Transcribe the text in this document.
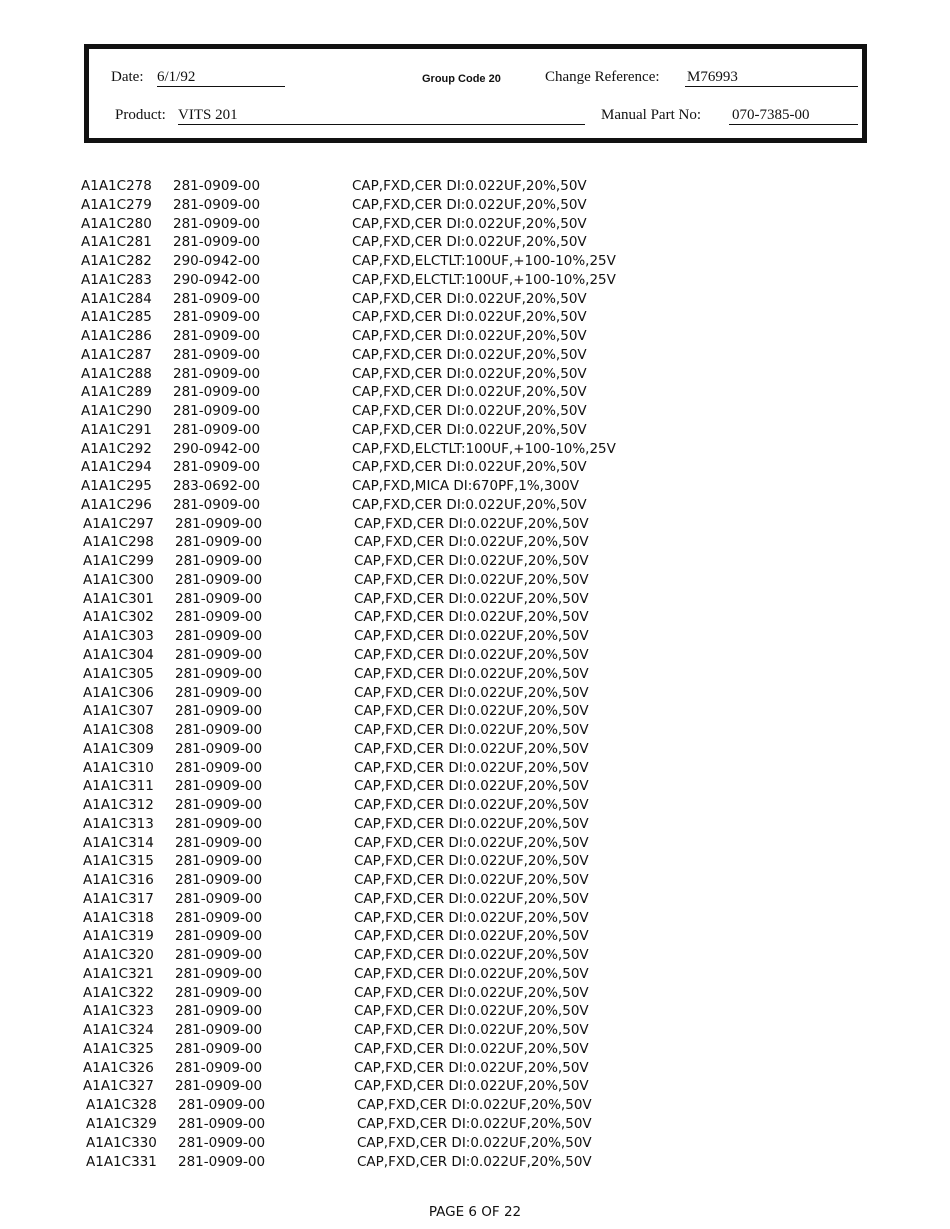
Date: 6/1/92	Group Code 20	Change Reference: M76993
Product: VITS 201	Manual Part No: 070-7385-00
A1A1C278 281-0909-00	CAP,FXD,CER DI:0.022UF,20%,50V
A1A1C279 281-0909-00	CAP,FXD,CER DI:0.022UF,20%,50V
A1A1C280 281-0909-00	CAP,FXD,CER DI:0.022UF,20%,50V
A1A1C281 281-0909-00	CAP,FXD,CER DI:0.022UF,20%,50V
A1A1C282 290-0942-00	CAP,FXD,ELCTLT:100UF,+100-10%,25V
A1A1C283 290-0942-00	CAP,FXD,ELCTLT:100UF,+100-10%,25V
A1A1C284 281-0909-00	CAP,FXD,CER DI:0.022UF,20%,50V
A1A1C285 281-0909-00	CAP,FXD,CER DI:0.022UF,20%,50V
A1A1C286 281-0909-00	CAP,FXD,CER DI:0.022UF,20%,50V
A1A1C287 281-0909-00	CAP,FXD,CER DI:0.022UF,20%,50V
A1A1C288 281-0909-00	CAP,FXD,CER DI:0.022UF,20%,50V
A1A1C289 281-0909-00	CAP,FXD,CER DI:0.022UF,20%,50V
A1A1C290 281-0909-00	CAP,FXD,CER DI:0.022UF,20%,50V
A1A1C291 281-0909-00	CAP,FXD,CER DI:0.022UF,20%,50V
A1A1C292 290-0942-00	CAP,FXD,ELCTLT:100UF,+100-10%,25V
A1A1C294 281-0909-00	CAP,FXD,CER DI:0.022UF,20%,50V
A1A1C295 283-0692-00	CAP,FXD,MICA DI:670PF,1%,300V
A1A1C296 281-0909-00	CAP,FXD,CER DI:0.022UF,20%,50V
A1A1C297 281-0909-00	CAP,FXD,CER DI:0.022UF,20%,50V
A1A1C298 281-0909-00	CAP,FXD,CER DI:0.022UF,20%,50V
A1A1C299 281-0909-00	CAP,FXD,CER DI:0.022UF,20%,50V
A1A1C300 281-0909-00	CAP,FXD,CER DI:0.022UF,20%,50V
A1A1C301 281-0909-00	CAP,FXD,CER DI:0.022UF,20%,50V
A1A1C302 281-0909-00	CAP,FXD,CER DI:0.022UF,20%,50V
A1A1C303 281-0909-00	CAP,FXD,CER DI:0.022UF,20%,50V
A1A1C304 281-0909-00	CAP,FXD,CER DI:0.022UF,20%,50V
A1A1C305 281-0909-00	CAP,FXD,CER DI:0.022UF,20%,50V
A1A1C306 281-0909-00	CAP,FXD,CER DI:0.022UF,20%,50V
A1A1C307 281-0909-00	CAP,FXD,CER DI:0.022UF,20%,50V
A1A1C308 281-0909-00	CAP,FXD,CER DI:0.022UF,20%,50V
A1A1C309 281-0909-00	CAP,FXD,CER DI:0.022UF,20%,50V
A1A1C310 281-0909-00	CAP,FXD,CER DI:0.022UF,20%,50V
A1A1C311 281-0909-00	CAP,FXD,CER DI:0.022UF,20%,50V
A1A1C312 281-0909-00	CAP,FXD,CER DI:0.022UF,20%,50V
A1A1C313 281-0909-00	CAP,FXD,CER DI:0.022UF,20%,50V
A1A1C314 281-0909-00	CAP,FXD,CER DI:0.022UF,20%,50V
A1A1C315 281-0909-00	CAP,FXD,CER DI:0.022UF,20%,50V
A1A1C316 281-0909-00	CAP,FXD,CER DI:0.022UF,20%,50V
A1A1C317 281-0909-00	CAP,FXD,CER DI:0.022UF,20%,50V
A1A1C318 281-0909-00	CAP,FXD,CER DI:0.022UF,20%,50V
A1A1C319 281-0909-00	CAP,FXD,CER DI:0.022UF,20%,50V
A1A1C320 281-0909-00	CAP,FXD,CER DI:0.022UF,20%,50V
A1A1C321 281-0909-00	CAP,FXD,CER DI:0.022UF,20%,50V
A1A1C322 281-0909-00	CAP,FXD,CER DI:0.022UF,20%,50V
A1A1C323 281-0909-00	CAP,FXD,CER DI:0.022UF,20%,50V
A1A1C324 281-0909-00	CAP,FXD,CER DI:0.022UF,20%,50V
A1A1C325 281-0909-00	CAP,FXD,CER DI:0.022UF,20%,50V
A1A1C326 281-0909-00	CAP,FXD,CER DI:0.022UF,20%,50V
A1A1C327 281-0909-00	CAP,FXD,CER DI:0.022UF,20%,50V
A1A1C328 281-0909-00	CAP,FXD,CER DI:0.022UF,20%,50V
A1A1C329 281-0909-00	CAP,FXD,CER DI:0.022UF,20%,50V
A1A1C330 281-0909-00	CAP,FXD,CER DI:0.022UF,20%,50V
A1A1C331 281-0909-00	CAP,FXD,CER DI:0.022UF,20%,50V
PAGE 6 OF 22
